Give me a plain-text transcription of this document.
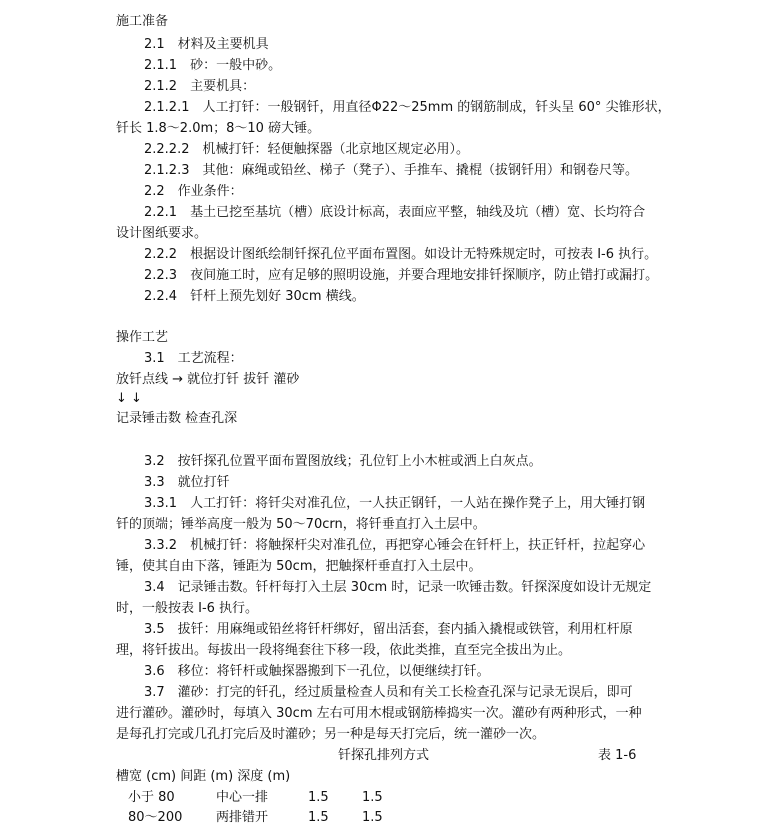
施工准备
2.1　材料及主要机具
2.1.1　砂：一般中砂。
2.1.2　主要机具：
2.1.2.1　人工打钎：一般钢钎，用直径Φ22～25mm 的钢筋制成，钎头呈 60° 尖锥形状，
钎长 1.8～2.0m；8～10 磅大锤。
2.2.2.2　机械打钎：轻便触探器（北京地区规定必用）。
2.1.2.3　其他：麻绳或铅丝、梯子（凳子）、手推车、撬棍（拔钢钎用）和钢卷尺等。
2.2　作业条件：
2.2.1　基土已挖至基坑（槽）底设计标高，表面应平整，轴线及坑（槽）宽、长均符合
设计图纸要求。
2.2.2　根据设计图纸绘制钎探孔位平面布置图。如设计无特殊规定时，可按表 I-6 执行。
2.2.3　夜间施工时，应有足够的照明设施，并要合理地安排钎探顺序，防止错打或漏打。
2.2.4　钎杆上预先划好 30cm 横线。
操作工艺
3.1　工艺流程：
放钎点线 → 就位打钎 拔钎 灌砂
↓ ↓
记录锤击数 检查孔深
3.2　按钎探孔位置平面布置图放线；孔位钉上小木桩或洒上白灰点。
3.3　就位打钎
3.3.1　人工打钎：将钎尖对准孔位，一人扶正钢钎，一人站在操作凳子上，用大锤打钢
钎的顶端；锤举高度一般为 50～70crn，将钎垂直打入土层中。
3.3.2　机械打钎：将触探杆尖对准孔位，再把穿心锤会在钎杆上，扶正钎杆，拉起穿心
锤，使其自由下落，锤距为 50cm，把触探杆垂直打入土层中。
3.4　记录锤击数。钎杆每打入土层 30cm 时，记录一吹锤击数。钎探深度如设计无规定
时，一般按表 I-6 执行。
3.5　拔钎：用麻绳或铅丝将钎杆绑好，留出活套，套内插入撬棍或铁管，利用杠杆原
理，将钎拔出。每拔出一段将绳套往下移一段，依此类推，直至完全拔出为止。
3.6　移位：将钎杆或触探器搬到下一孔位，以便继续打钎。
3.7　灌砂：打完的钎孔，经过质量检查人员和有关工长检查孔深与记录无误后，即可
进行灌砂。灌砂时，每填入 30cm 左右可用木棍或钢筋棒捣实一次。灌砂有两种形式，一种
是每孔打完或几孔打完后及时灌砂；另一种是每天打完后，统一灌砂一次。
钎探孔排列方式	表 1-6
槽宽 (cm) 间距 (m) 深度 (m)
小于 80	中心一排	1.5	1.5
80～200	两排错开	1.5	1.5
